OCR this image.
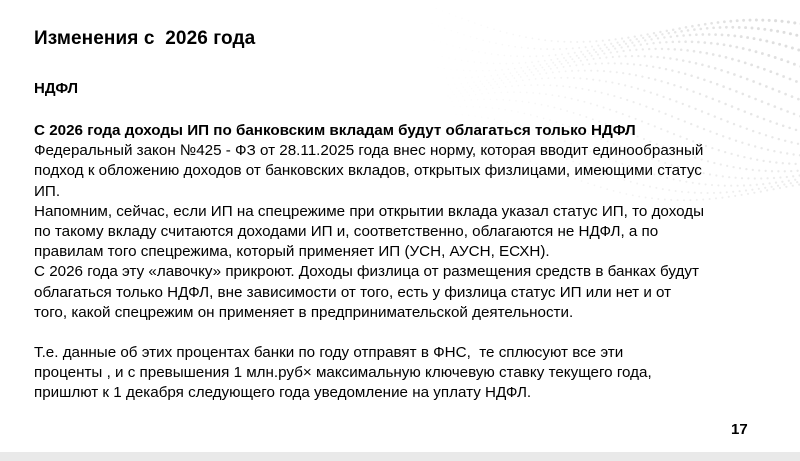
Изменения с  2026 года
НДФЛ
С 2026 года доходы ИП по банковским вкладам будут облагаться только НДФЛ
Федеральный закон №425 - ФЗ от 28.11.2025 года внес норму, которая вводит единообразный
подход к обложению доходов от банковских вкладов, открытых физлицами, имеющими статус
ИП.
Напомним, сейчас, если ИП на спецрежиме при открытии вклада указал статус ИП, то доходы
по такому вкладу считаются доходами ИП и, соответственно, облагаются не НДФЛ, а по
правилам того спецрежима, который применяет ИП (УСН, АУСН, ЕСХН).
С 2026 года эту «лавочку» прикроют. Доходы физлица от размещения средств в банках будут
облагаться только НДФЛ, вне зависимости от того, есть у физлица статус ИП или нет и от
того, какой спецрежим он применяет в предпринимательской деятельности.
Т.е. данные об этих процентах банки по году отправят в ФНС,  те сплюсуют все эти
проценты , и с превышения 1 млн.руб× максимальную ключевую ставку текущего года,
пришлют к 1 декабря следующего года уведомление на уплату НДФЛ.
17
